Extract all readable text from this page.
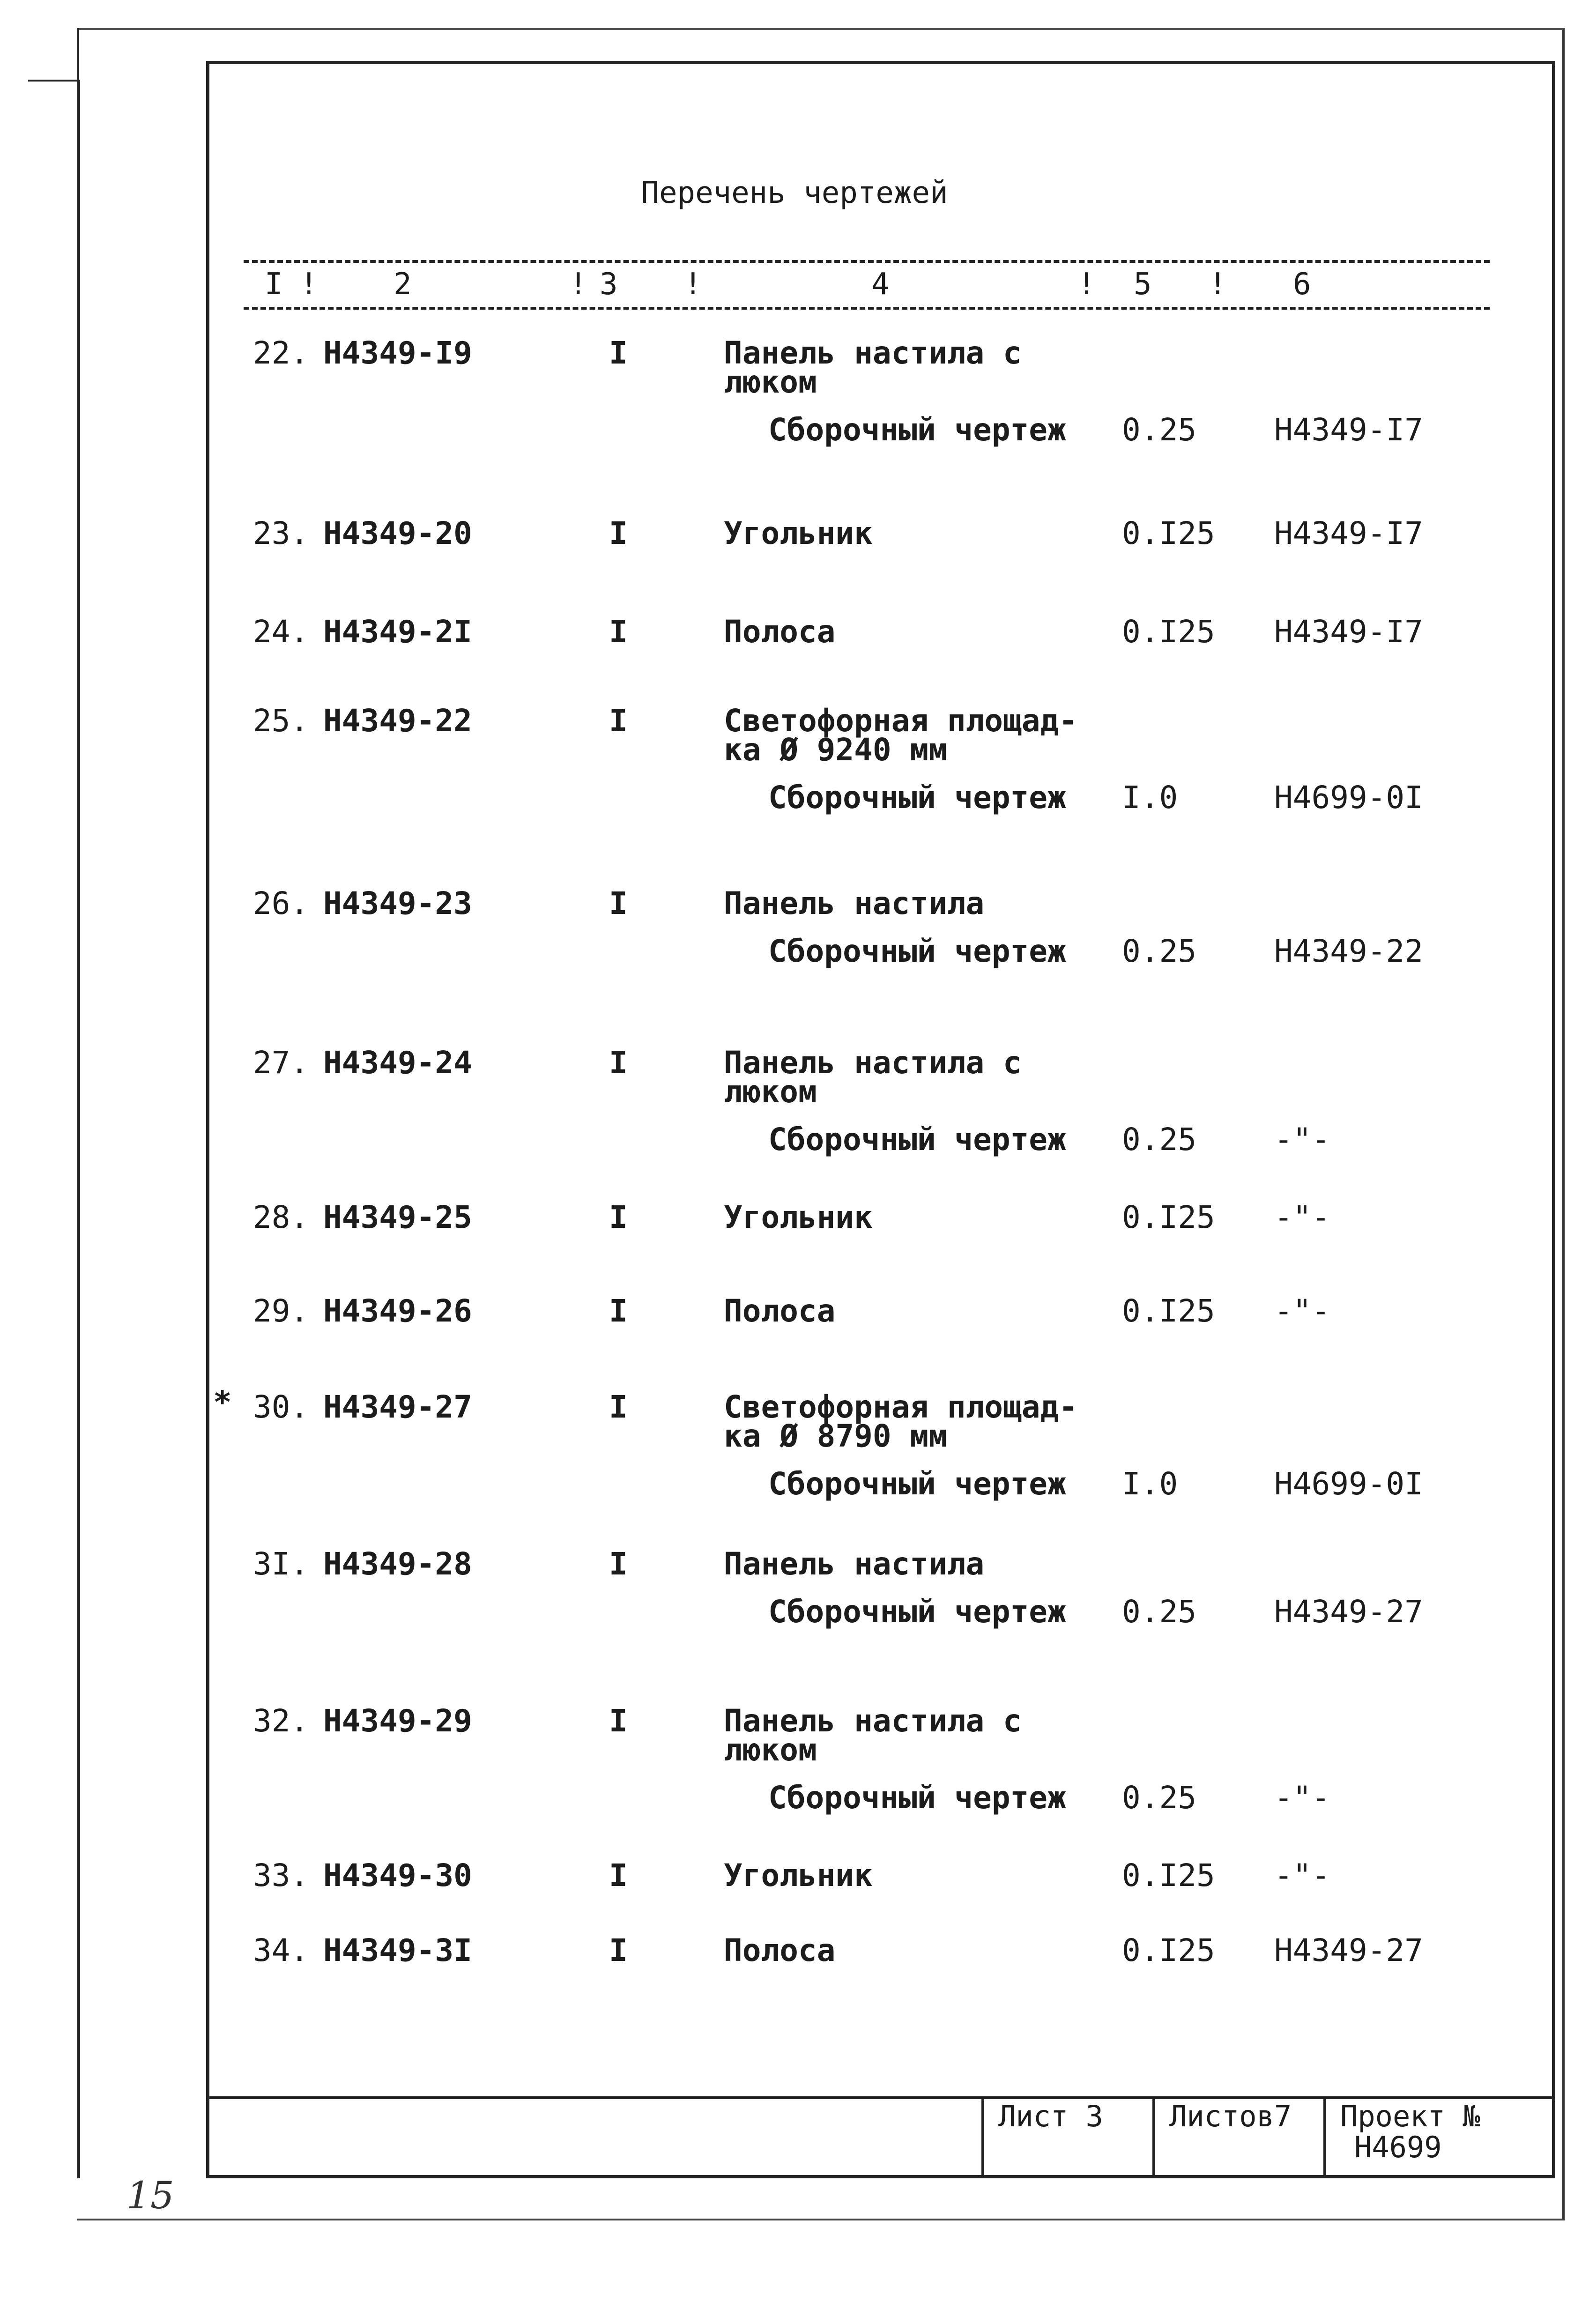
Перечень чертежей
I !	2	! 3 !	4	! 5 ! 6
22. Н4349-I9	I	Панель настила с
люком
Сборочный чертеж 0.25	Н4349-I7
23. Н4349-20	I	Угольник	0.I25 Н4349-I7
24. Н4349-2I	I	Полоса	0.I25 Н4349-I7
25. Н4349-22	I	Светофорная площад-
ка Ø 9240 мм
Сборочный чертеж I.0	Н4699-0I
26. Н4349-23	I	Панель настила
Сборочный чертеж 0.25	Н4349-22
27. Н4349-24	I	Панель настила с
люком
Сборочный чертеж 0.25	-"-
28. Н4349-25	I	Угольник	0.I25 -"-
29. Н4349-26	I	Полоса	0.I25 -"-
* 30. Н4349-27	I	Светофорная площад-
ка Ø 8790 мм
Сборочный чертеж I.0	Н4699-0I
3I. Н4349-28	I	Панель настила
Сборочный чертеж 0.25	Н4349-27
32. Н4349-29	I	Панель настила с
люком
Сборочный чертеж 0.25	-"-
33. Н4349-30	I	Угольник	0.I25 -"-
34. Н4349-3I	I	Полоса	0.I25 Н4349-27
Лист 3 Листов7 Проект №
Н4699
15
